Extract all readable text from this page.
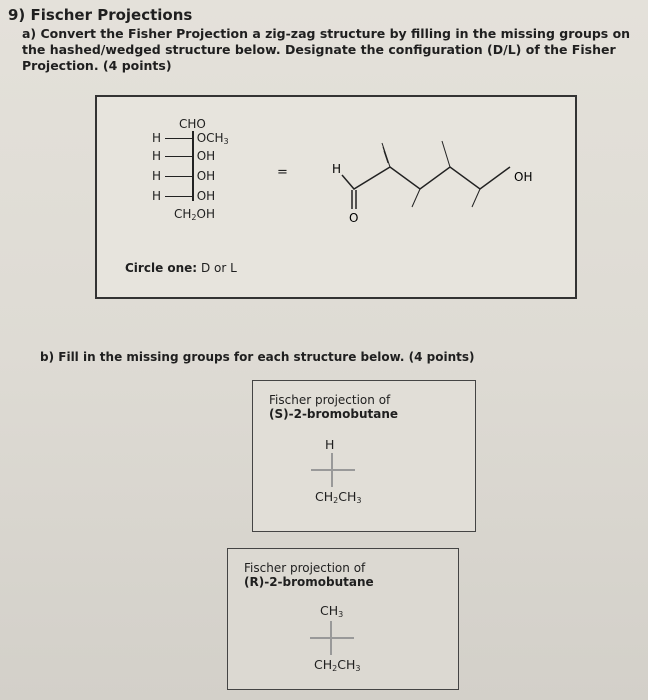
9) Fischer Projections
a) Convert the Fisher Projection a zig-zag structure by filling in the missing groups on the hashed/wedged structure below. Designate the configuration (D/L) of the Fisher Projection. (4 points)
CHO
H	$OCH_3$
H	OH
H	OH
H	OH
$CH_2OH$
=	H
O
OH
Circle one: D or L
b) Fill in the missing groups for each structure below. (4 points)
Fischer projection of
(S)-2-bromobutane
H
$CH_2CH_3$
Fischer projection of
(R)-2-bromobutane
$CH_3$
$CH_2CH_3$
